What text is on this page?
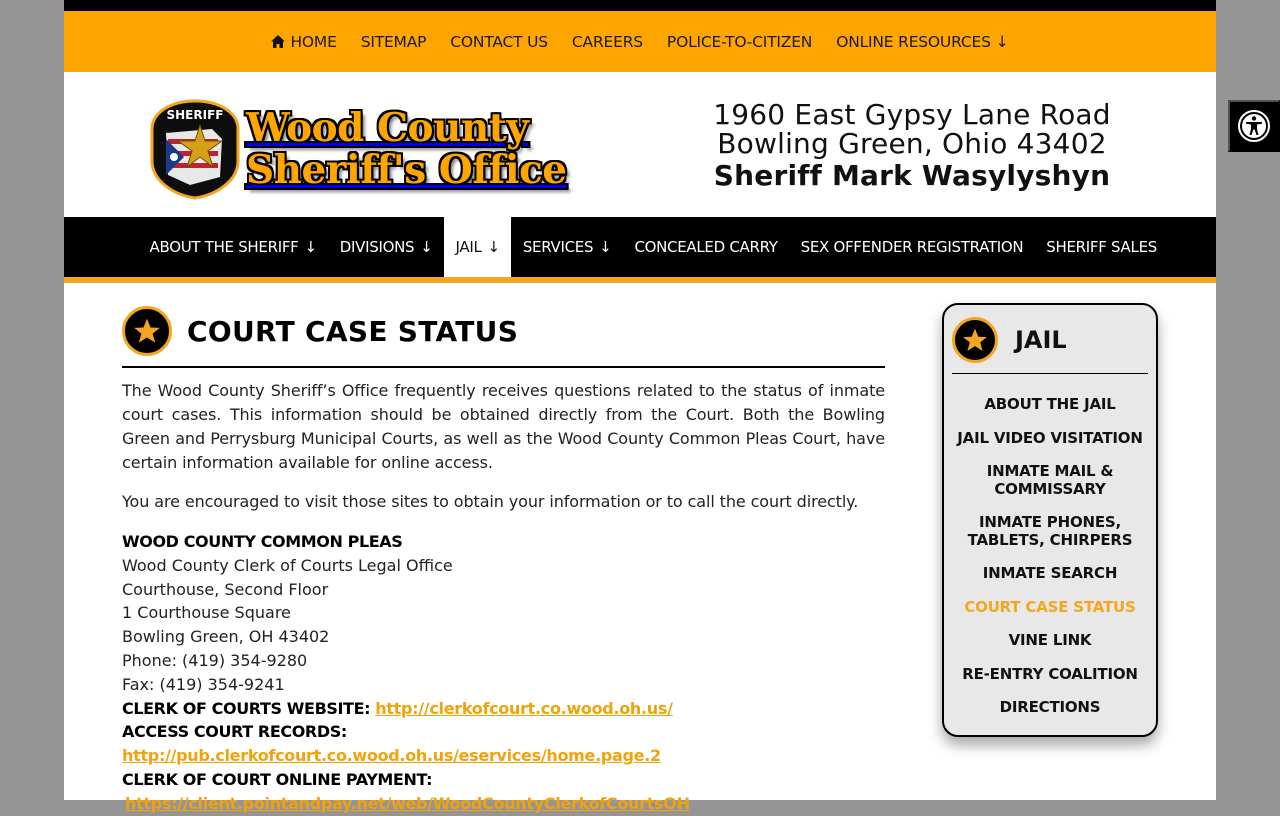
HOME SITEMAP CONTACT US CAREERS POLICE-TO-CITIZEN ONLINE RESOURCES ↓
SHERIFF Wood County
Sheriff's Office
1960 East Gypsy Lane Road
Bowling Green, Ohio 43402
Sheriff Mark Wasylyshyn
ABOUT THE SHERIFF ↓ DIVISIONS ↓ JAIL ↓ SERVICES ↓ CONCEALED CARRY SEX OFFENDER REGISTRATION SHERIFF SALES
COURT CASE STATUS

The Wood County Sheriff’s Office frequently receives questions related to the status of inmate court cases. This information should be obtained directly from the Court. Both the Bowling Green and Perrysburg Municipal Courts, as well as the Wood County Common Pleas Court, have certain information available for online access.

You are encouraged to visit those sites to obtain your information or to call the court directly.

WOOD COUNTY COMMON PLEAS
Wood County Clerk of Courts Legal Office
Courthouse, Second Floor
1 Courthouse Square
Bowling Green, OH 43402
Phone: (419) 354-9280
Fax: (419) 354-9241
CLERK OF COURTS WEBSITE: http://clerkofcourt.co.wood.oh.us/
ACCESS COURT RECORDS: http://pub.clerkofcourt.co.wood.oh.us/eservices/home.page.2
CLERK OF COURT ONLINE PAYMENT:
https://client.pointandpay.net/web/WoodCountyClerkofCourtsOH
JAIL
ABOUT THE JAIL
JAIL VIDEO VISITATION
INMATE MAIL & COMMISSARY
INMATE PHONES, TABLETS, CHIRPERS
INMATE SEARCH
COURT CASE STATUS
VINE LINK
RE-ENTRY COALITION
DIRECTIONS
